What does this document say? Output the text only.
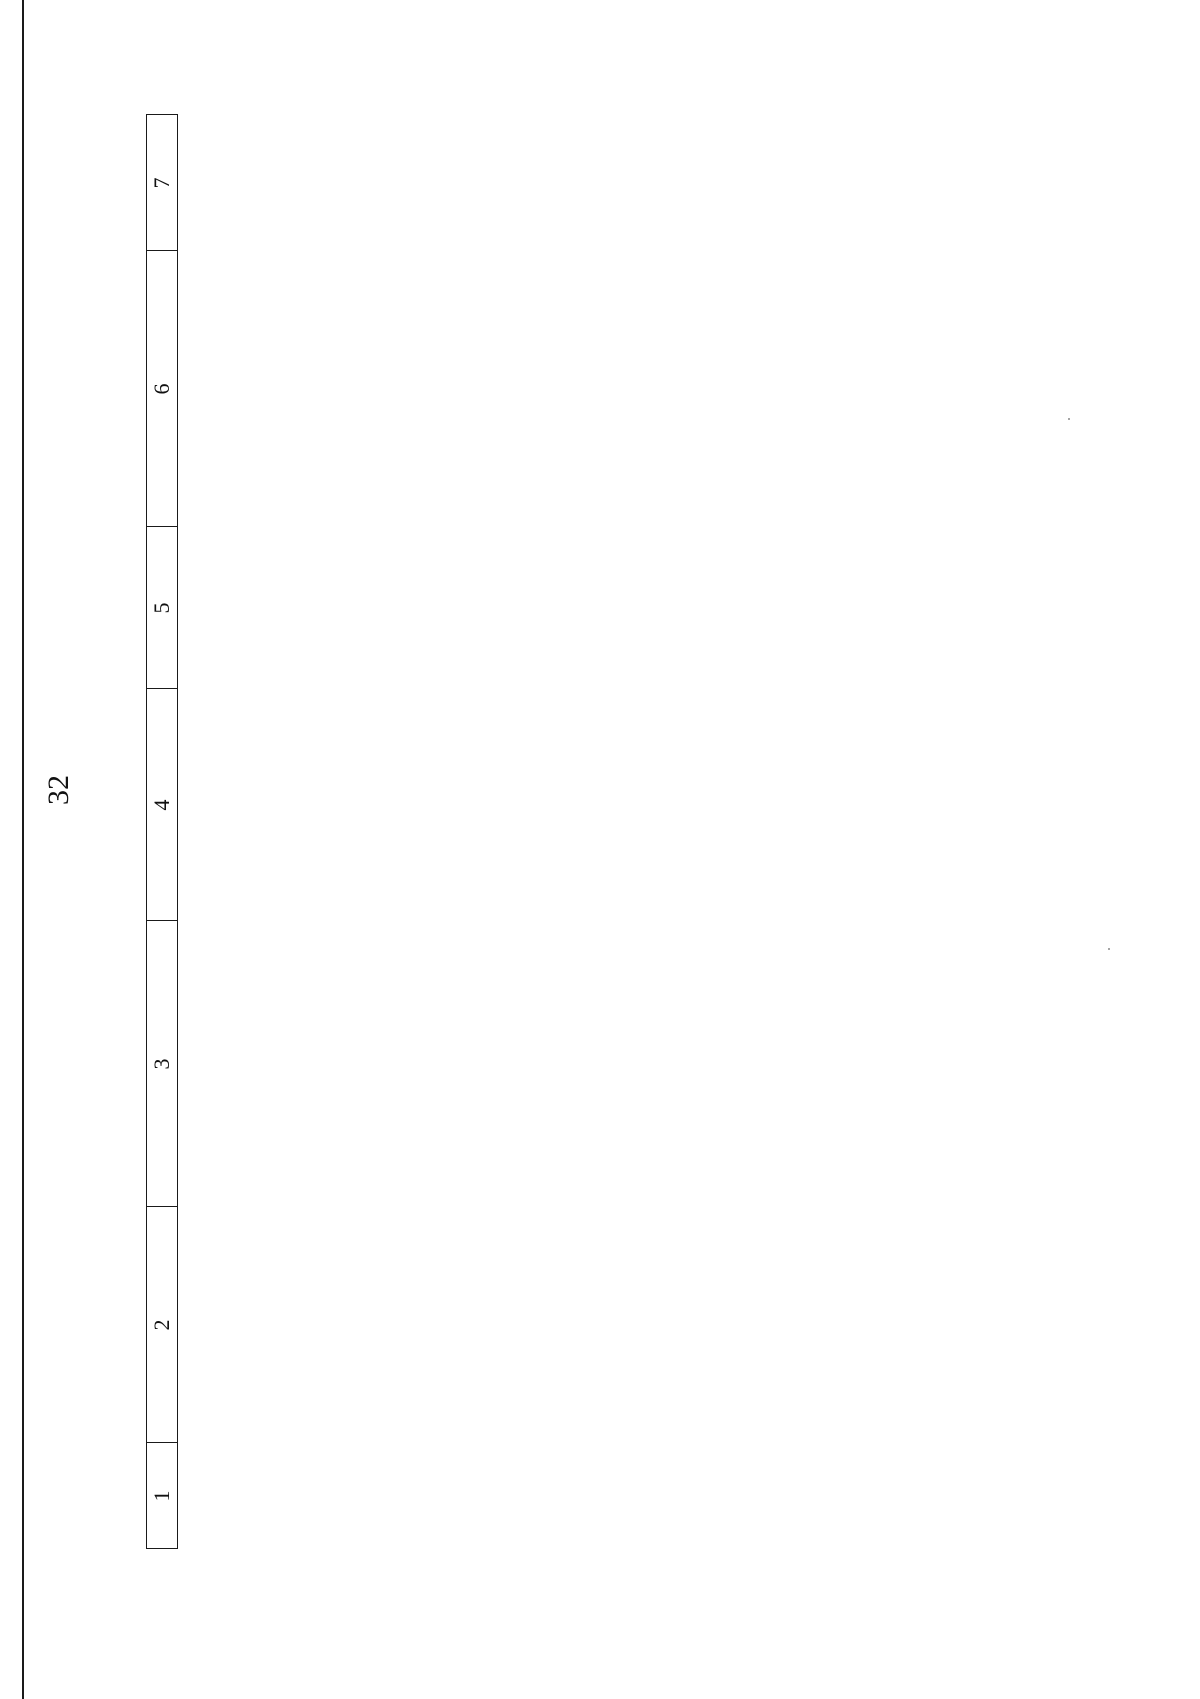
32
	1	2	3	4	5	6	7
